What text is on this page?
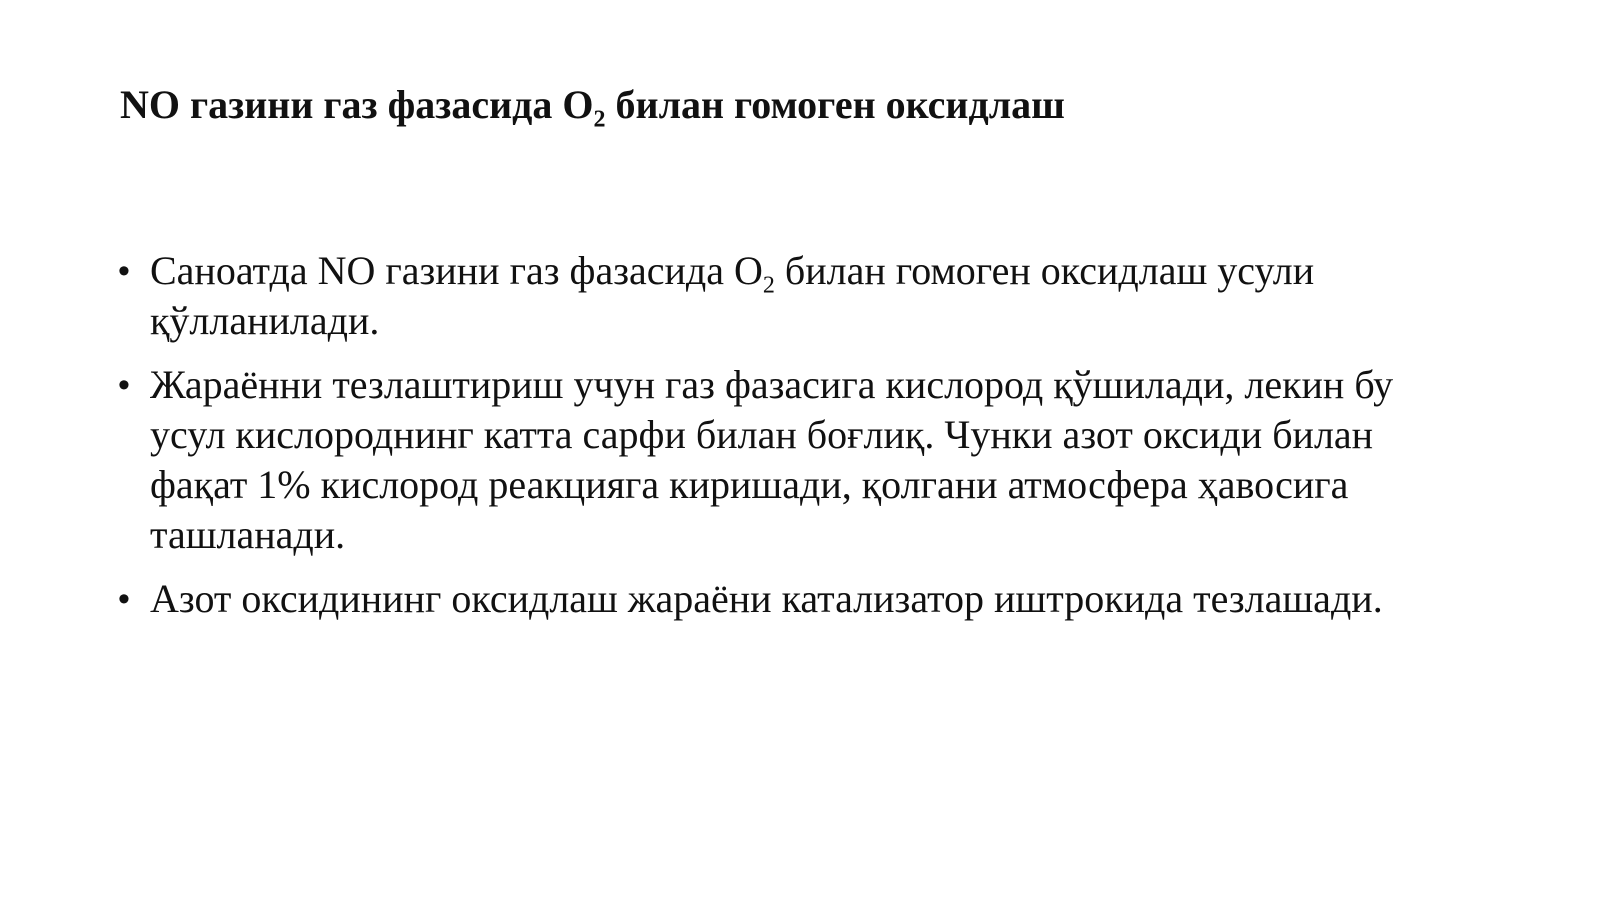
NO газини газ фазасида $O_2$ билан гомоген оксидлаш
• Саноатда NO газини газ фазасида $O_2$ билан гомоген оксидлаш усули қўлланилади.
• Жараённи тезлаштириш учун газ фазасига кислород қўшилади, лекин бу усул кислороднинг катта сарфи билан боғлиқ. Чунки азот оксиди билан фақат 1% кислород реакцияга киришади, қолгани атмосфера ҳавосига ташланади.
• Азот оксидининг оксидлаш жараёни катализатор иштрокида тезлашади.
